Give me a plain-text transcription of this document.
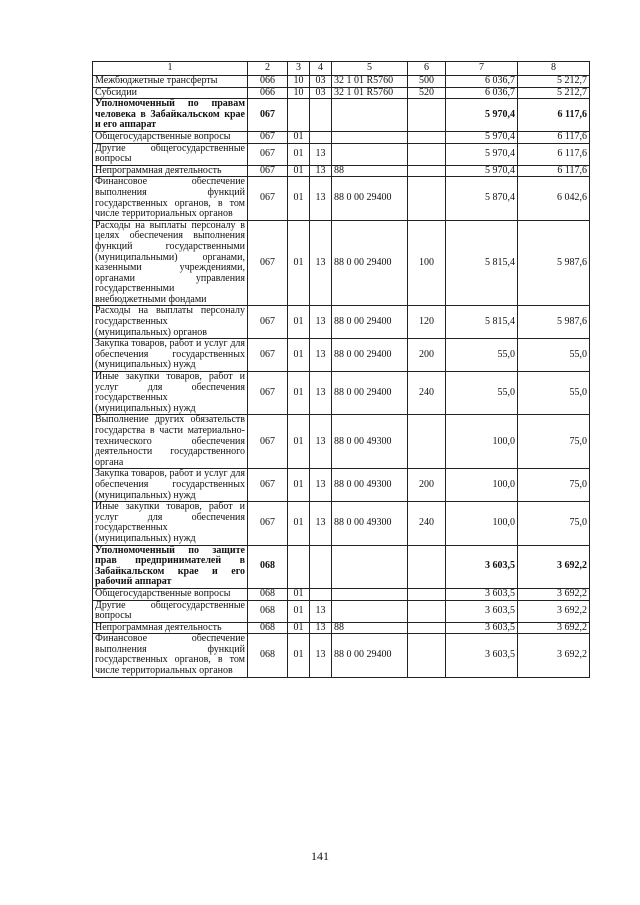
1	2	3	4	5	6	7	8
Межбюджетные трансферты	066	10	03	32 1 01 R5760	500	6 036,7	5 212,7
Субсидии	066	10	03	32 1 01 R5760	520	6 036,7	5 212,7
Уполномоченный по правам человека в Забайкальском крае и его аппарат	067					5 970,4	6 117,6
Общегосударственные вопросы	067	01				5 970,4	6 117,6
Другие общегосударственные вопросы	067	01	13			5 970,4	6 117,6
Непрограммная деятельность	067	01	13	88		5 970,4	6 117,6
Финансовое обеспечение выполнения функций государственных органов, в том числе территориальных органов	067	01	13	88 0 00 29400		5 870,4	6 042,6
Расходы на выплаты персоналу в целях обеспечения выполнения функций государственными (муниципальными) органами, казенными учреждениями, органами управления государственными внебюджетными фондами	067	01	13	88 0 00 29400	100	5 815,4	5 987,6
Расходы на выплаты персоналу государственных (муниципальных) органов	067	01	13	88 0 00 29400	120	5 815,4	5 987,6
Закупка товаров, работ и услуг для обеспечения государственных (муниципальных) нужд	067	01	13	88 0 00 29400	200	55,0	55,0
Иные закупки товаров, работ и услуг для обеспечения государственных (муниципальных) нужд	067	01	13	88 0 00 29400	240	55,0	55,0
Выполнение других обязательств государства в части материально-технического обеспечения деятельности государственного органа	067	01	13	88 0 00 49300		100,0	75,0
Закупка товаров, работ и услуг для обеспечения государственных (муниципальных) нужд	067	01	13	88 0 00 49300	200	100,0	75,0
Иные закупки товаров, работ и услуг для обеспечения государственных (муниципальных) нужд	067	01	13	88 0 00 49300	240	100,0	75,0
Уполномоченный по защите прав предпринимателей в Забайкальском крае и его рабочий аппарат	068					3 603,5	3 692,2
Общегосударственные вопросы	068	01				3 603,5	3 692,2
Другие общегосударственные вопросы	068	01	13			3 603,5	3 692,2
Непрограммная деятельность	068	01	13	88		3 603,5	3 692,2
Финансовое обеспечение выполнения функций государственных органов, в том числе территориальных органов	068	01	13	88 0 00 29400		3 603,5	3 692,2
141
